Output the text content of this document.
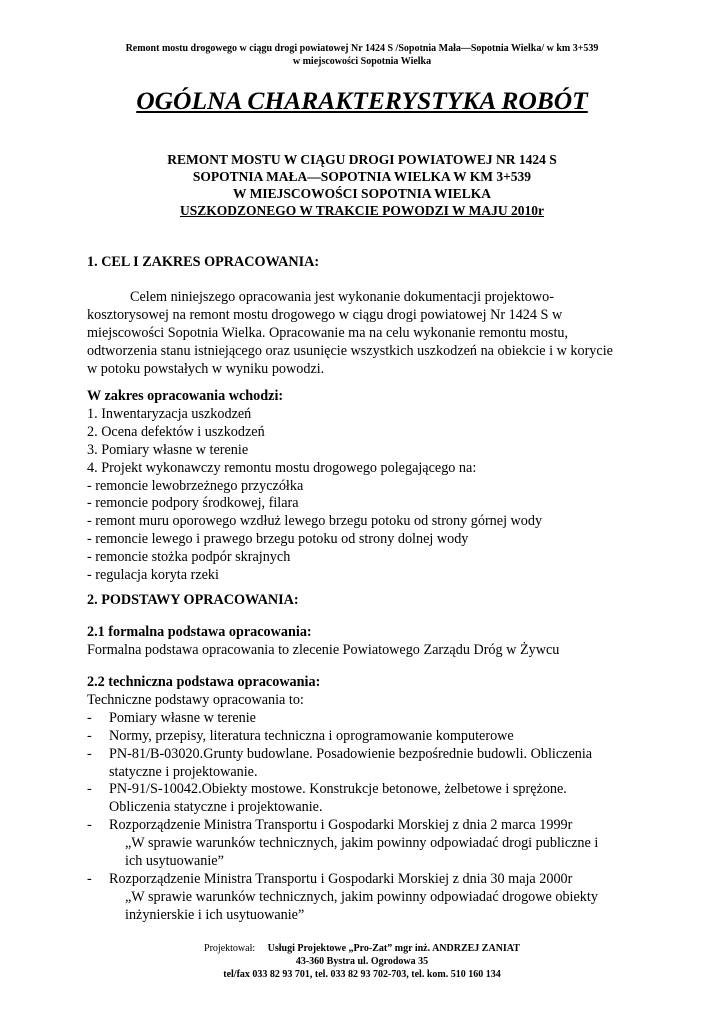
Remont mostu drogowego w ciągu drogi powiatowej Nr 1424 S /Sopotnia Mała—Sopotnia Wielka/ w km 3+539
w miejscowości Sopotnia Wielka
OGÓLNA CHARAKTERYSTYKA ROBÓT
REMONT MOSTU W CIĄGU DROGI POWIATOWEJ NR 1424 S
SOPOTNIA MAŁA—SOPOTNIA WIELKA W KM 3+539
W MIEJSCOWOŚCI SOPOTNIA WIELKA
USZKODZONEGO W TRAKCIE POWODZI W MAJU 2010r
1. CEL I ZAKRES OPRACOWANIA:
Celem niniejszego opracowania jest wykonanie dokumentacji projektowo-
kosztorysowej na remont mostu drogowego w ciągu drogi powiatowej Nr 1424 S w
miejscowości Sopotnia Wielka. Opracowanie ma na celu wykonanie remontu mostu,
odtworzenia stanu istniejącego oraz usunięcie wszystkich uszkodzeń na obiekcie i w korycie
w potoku powstałych w wyniku powodzi.
W zakres opracowania wchodzi:
1. Inwentaryzacja uszkodzeń
2. Ocena defektów i uszkodzeń
3. Pomiary własne w terenie
4. Projekt wykonawczy remontu mostu drogowego polegającego na:
- remoncie lewobrzeżnego przyczółka
- remoncie podpory środkowej, filara
- remont muru oporowego wzdłuż lewego brzegu potoku od strony górnej wody
- remoncie lewego i prawego brzegu potoku od strony dolnej wody
- remoncie stożka podpór skrajnych
- regulacja koryta rzeki
2. PODSTAWY OPRACOWANIA:
2.1 formalna podstawa opracowania:
Formalna podstawa opracowania to zlecenie Powiatowego Zarządu Dróg w Żywcu
2.2 techniczna podstawa opracowania:
Techniczne podstawy opracowania to:
-	Pomiary własne w terenie
-	Normy, przepisy, literatura techniczna i oprogramowanie komputerowe
-	PN-81/B-03020.Grunty budowlane. Posadowienie bezpośrednie budowli. Obliczenia
statyczne i projektowanie.
-	PN-91/S-10042.Obiekty mostowe. Konstrukcje betonowe, żelbetowe i sprężone.
Obliczenia statyczne i projektowanie.
-	Rozporządzenie Ministra Transportu i Gospodarki Morskiej z dnia 2 marca 1999r
„W sprawie warunków technicznych, jakim powinny odpowiadać drogi publiczne i
ich usytuowanie”
-	Rozporządzenie Ministra Transportu i Gospodarki Morskiej z dnia 30 maja 2000r
„W sprawie warunków technicznych, jakim powinny odpowiadać drogowe obiekty
inżynierskie i ich usytuowanie”
Projektował: Usługi Projektowe „Pro-Zat” mgr inż. ANDRZEJ ZANIAT
43-360 Bystra ul. Ogrodowa 35
tel/fax 033 82 93 701, tel. 033 82 93 702-703, tel. kom. 510 160 134
